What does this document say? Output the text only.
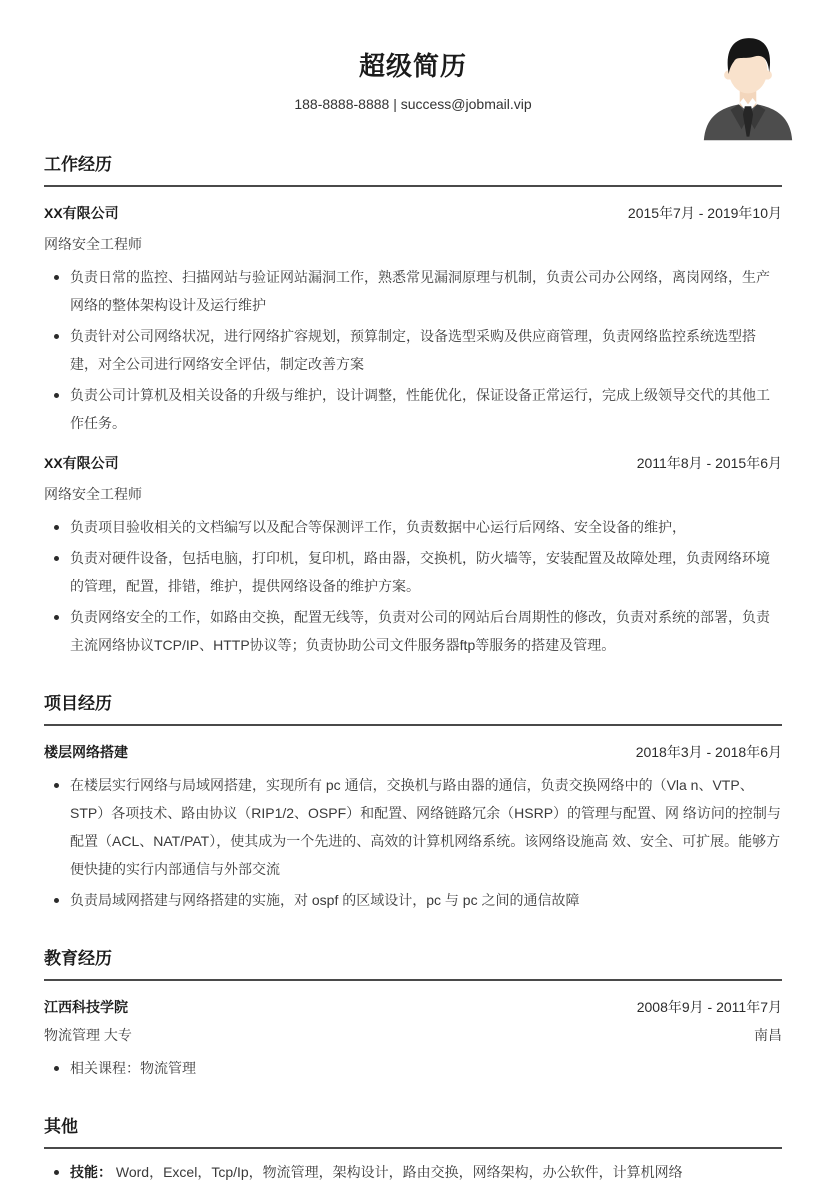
超级简历
188-8888-8888 | success@jobmail.vip
工作经历
XX有限公司	2015年7月 - 2019年10月
网络安全工程师
负责日常的监控、扫描网站与验证网站漏洞工作，熟悉常见漏洞原理与机制，负责公司办公网络，离岗网络，生产网络的整体架构设计及运行维护
负责针对公司网络状况，进行网络扩容规划，预算制定，设备选型采购及供应商管理，负责网络监控系统选型搭建，对全公司进行网络安全评估，制定改善方案
负责公司计算机及相关设备的升级与维护，设计调整，性能优化，保证设备正常运行，完成上级领导交代的其他工作任务。
XX有限公司	2011年8月 - 2015年6月
网络安全工程师
负责项目验收相关的文档编写以及配合等保测评工作，负责数据中心运行后网络、安全设备的维护，
负责对硬件设备，包括电脑，打印机，复印机，路由器，交换机，防火墙等，安装配置及故障处理，负责网络环境的管理，配置，排错，维护，提供网络设备的维护方案。
负责网络安全的工作，如路由交换，配置无线等，负责对公司的网站后台周期性的修改，负责对系统的部署，负责主流网络协议TCP/IP、HTTP协议等；负责协助公司文件服务器ftp等服务的搭建及管理。
项目经历
楼层网络搭建	2018年3月 - 2018年6月
在楼层实行网络与局域网搭建，实现所有 pc 通信，交换机与路由器的通信，负责交换网络中的（Vla n、VTP、STP）各项技术、路由协议（RIP1/2、OSPF）和配置、网络链路冗余（HSRP）的管理与配置、网 络访问的控制与配置（ACL、NAT/PAT），使其成为一个先进的、高效的计算机网络系统。该网络设施高 效、安全、可扩展。能够方便快捷的实行内部通信与外部交流
负责局域网搭建与网络搭建的实施，对 ospf 的区域设计，pc 与 pc 之间的通信故障
教育经历
江西科技学院	2008年9月 - 2011年7月
物流管理 大专	南昌
相关课程：物流管理
其他
技能： Word，Excel，Tcp/Ip，物流管理，架构设计，路由交换，网络架构，办公软件，计算机网络
